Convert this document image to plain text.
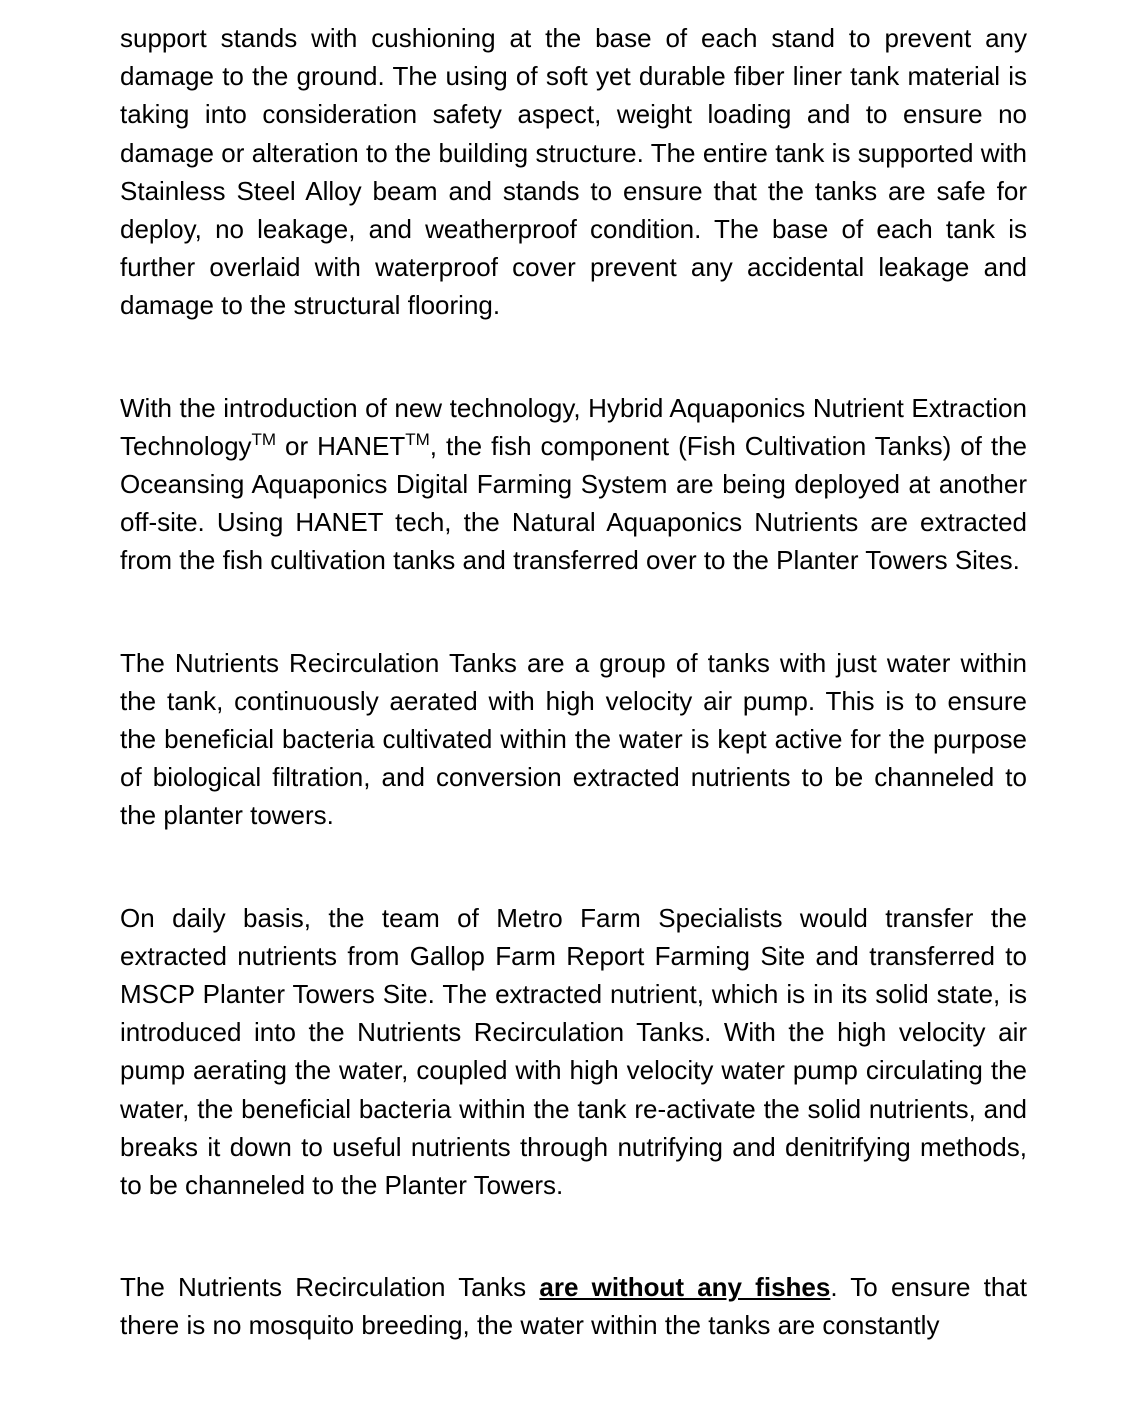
support stands with cushioning at the base of each stand to prevent any damage to the ground. The using of soft yet durable fiber liner tank material is taking into consideration safety aspect, weight loading and to ensure no damage or alteration to the building structure. The entire tank is supported with Stainless Steel Alloy beam and stands to ensure that the tanks are safe for deploy, no leakage, and weatherproof condition. The base of each tank is further overlaid with waterproof cover prevent any accidental leakage and damage to the structural flooring.

With the introduction of new technology, Hybrid Aquaponics Nutrient Extraction Technology™ or HANET™, the fish component (Fish Cultivation Tanks) of the Oceansing Aquaponics Digital Farming System are being deployed at another off-site. Using HANET tech, the Natural Aquaponics Nutrients are extracted from the fish cultivation tanks and transferred over to the Planter Towers Sites.

The Nutrients Recirculation Tanks are a group of tanks with just water within the tank, continuously aerated with high velocity air pump. This is to ensure the beneficial bacteria cultivated within the water is kept active for the purpose of biological filtration, and conversion extracted nutrients to be channeled to the planter towers.

On daily basis, the team of Metro Farm Specialists would transfer the extracted nutrients from Gallop Farm Report Farming Site and transferred to MSCP Planter Towers Site. The extracted nutrient, which is in its solid state, is introduced into the Nutrients Recirculation Tanks. With the high velocity air pump aerating the water, coupled with high velocity water pump circulating the water, the beneficial bacteria within the tank re-activate the solid nutrients, and breaks it down to useful nutrients through nutrifying and denitrifying methods, to be channeled to the Planter Towers.

The Nutrients Recirculation Tanks are without any fishes. To ensure that there is no mosquito breeding, the water within the tanks are constantly
